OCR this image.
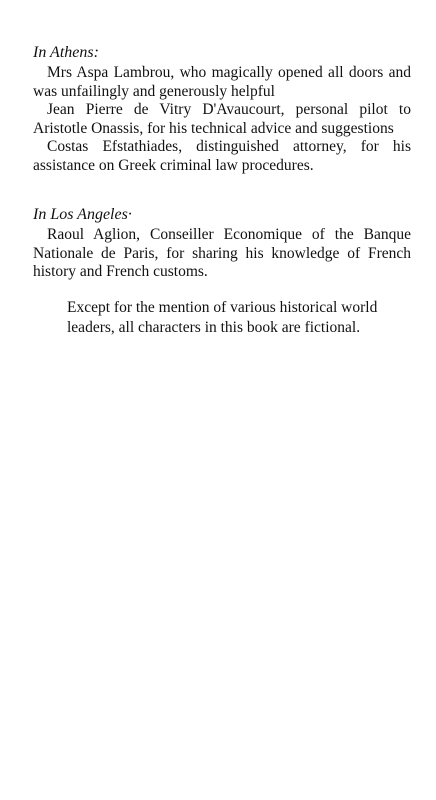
In Athens:

Mrs Aspa Lambrou, who magically opened all doors and was unfailingly and generously helpful

Jean Pierre de Vitry D'Avaucourt, personal pilot to Aristotle Onassis, for his technical advice and suggestions

Costas Efstathiades, distinguished attorney, for his assistance on Greek criminal law procedures.

In Los Angeles·

Raoul Aglion, Conseiller Economique of the Banque Nationale de Paris, for sharing his knowledge of French history and French customs.

Except for the mention of various historical world leaders, all characters in this book are fictional.
